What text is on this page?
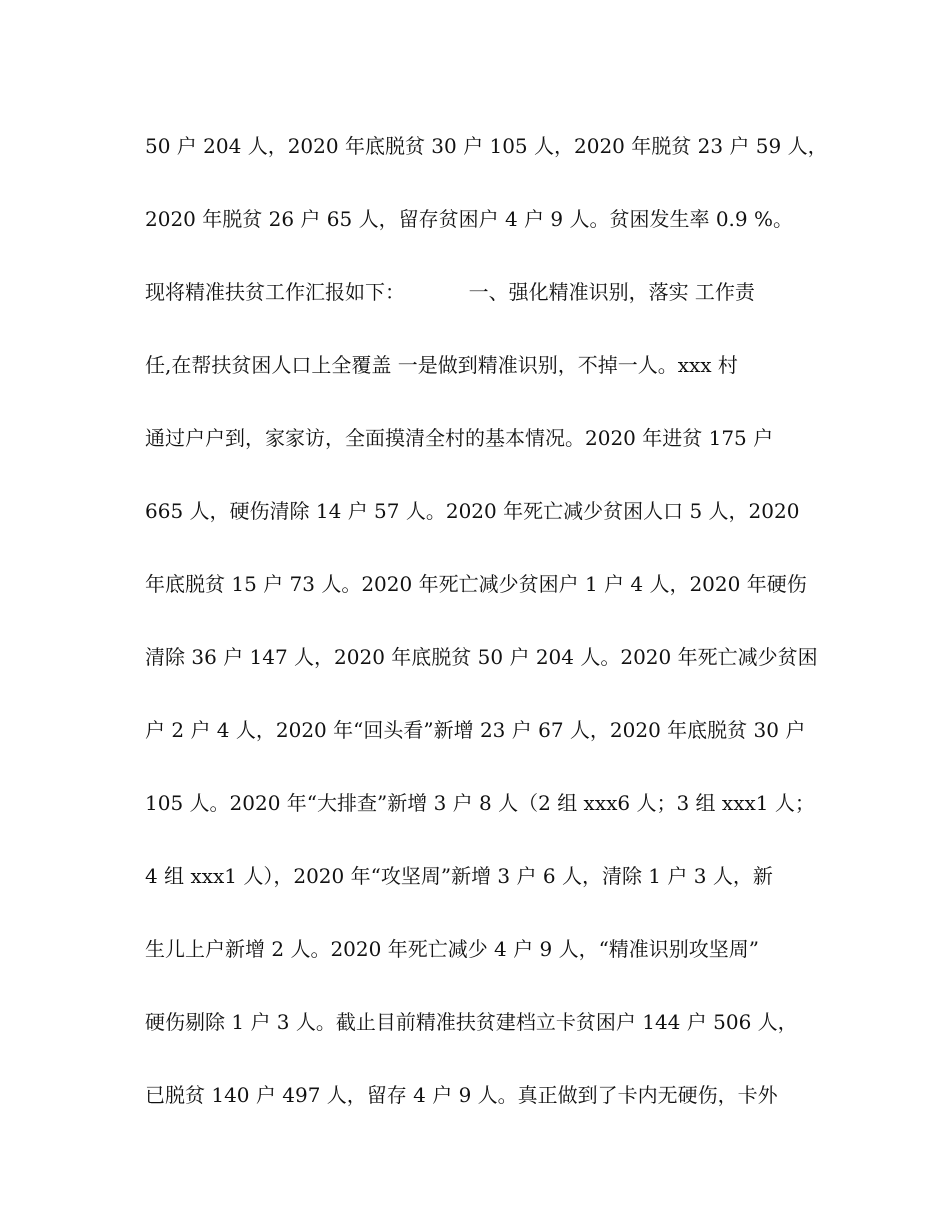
50 户 204 人，2020 年底脱贫 30 户 105 人，2020 年脱贫 23 户 59 人，
2020 年脱贫 26 户 65 人，留存贫困户 4 户 9 人。贫困发生率 0.9 %。
现将精准扶贫工作汇报如下：          一、强化精准识别，落实 工作责
任,在帮扶贫困人口上全覆盖 一是做到精准识别，不掉一人。xxx 村
通过户户到，家家访，全面摸清全村的基本情况。2020 年进贫 175 户
665 人，硬伤清除 14 户 57 人。2020 年死亡减少贫困人口 5 人，2020
年底脱贫 15 户 73 人。2020 年死亡减少贫困户 1 户 4 人，2020 年硬伤
清除 36 户 147 人，2020 年底脱贫 50 户 204 人。2020 年死亡减少贫困
户 2 户 4 人，2020 年“回头看”新增 23 户 67 人，2020 年底脱贫 30 户
105 人。2020 年“大排查”新增 3 户 8 人（2 组 xxx6 人；3 组 xxx1 人；
4 组 xxx1 人），2020 年“攻坚周”新增 3 户 6 人，清除 1 户 3 人，新
生儿上户新增 2 人。2020 年死亡减少 4 户 9 人，“精准识别攻坚周”
硬伤剔除 1 户 3 人。截止目前精准扶贫建档立卡贫困户 144 户 506 人，
已脱贫 140 户 497 人，留存 4 户 9 人。真正做到了卡内无硬伤，卡外
